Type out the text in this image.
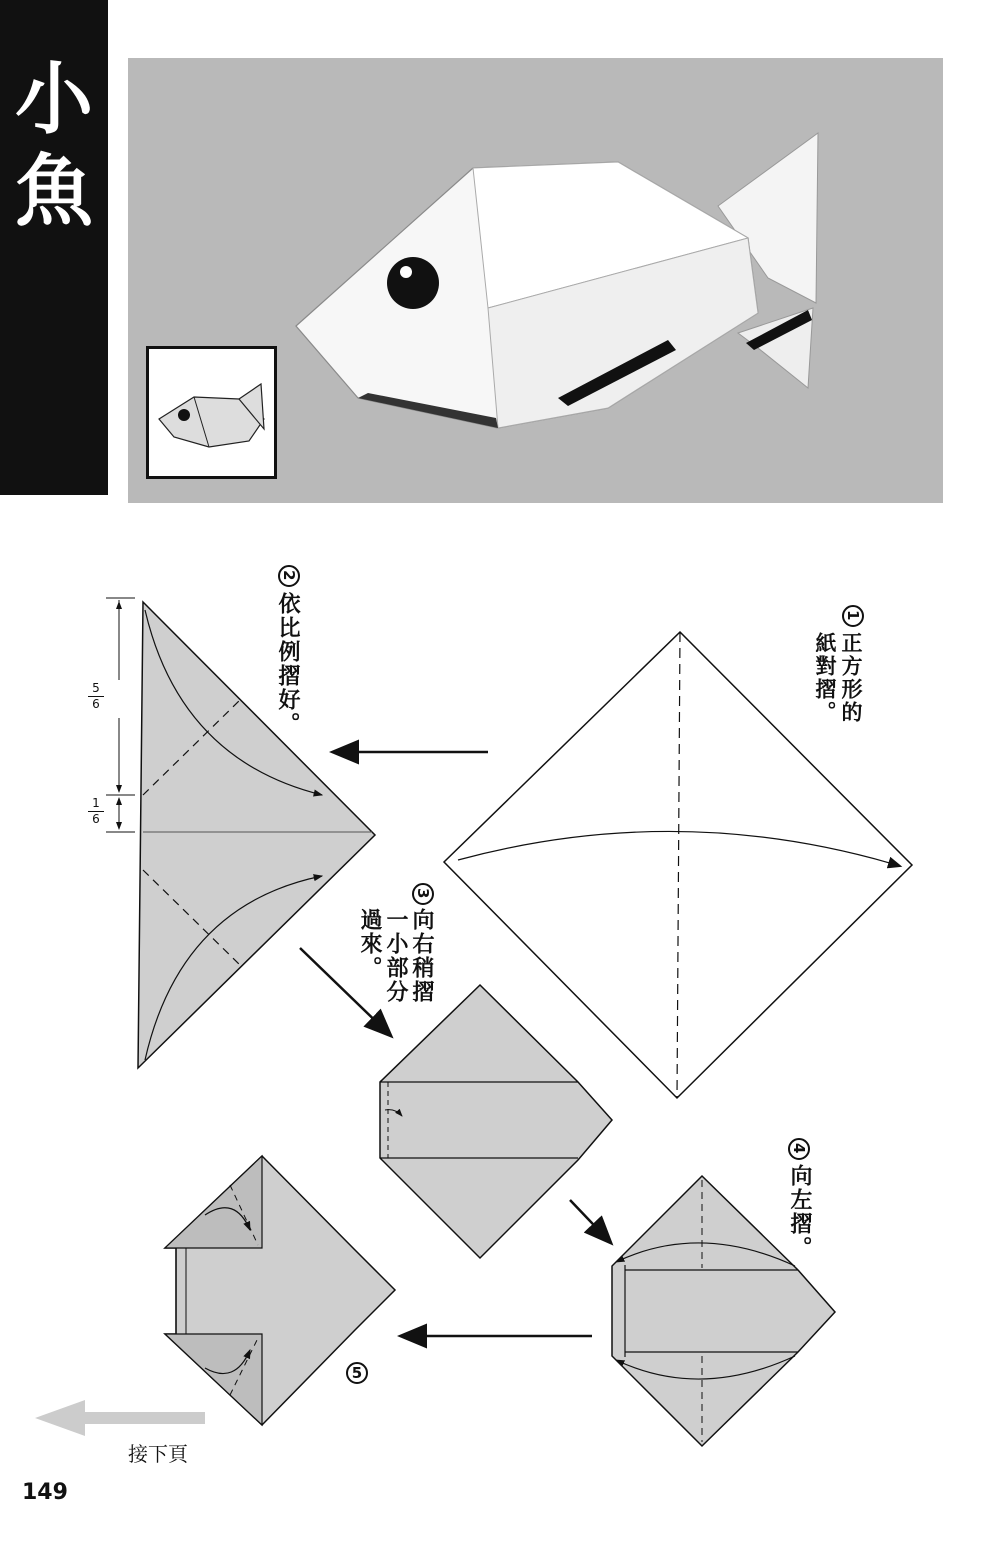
小
魚
1
正方形的紙對摺。
2
依比例摺好。
3
向右稍摺一小部分過來。
4
向左摺。
5
5
6
1
6
接下頁
149
